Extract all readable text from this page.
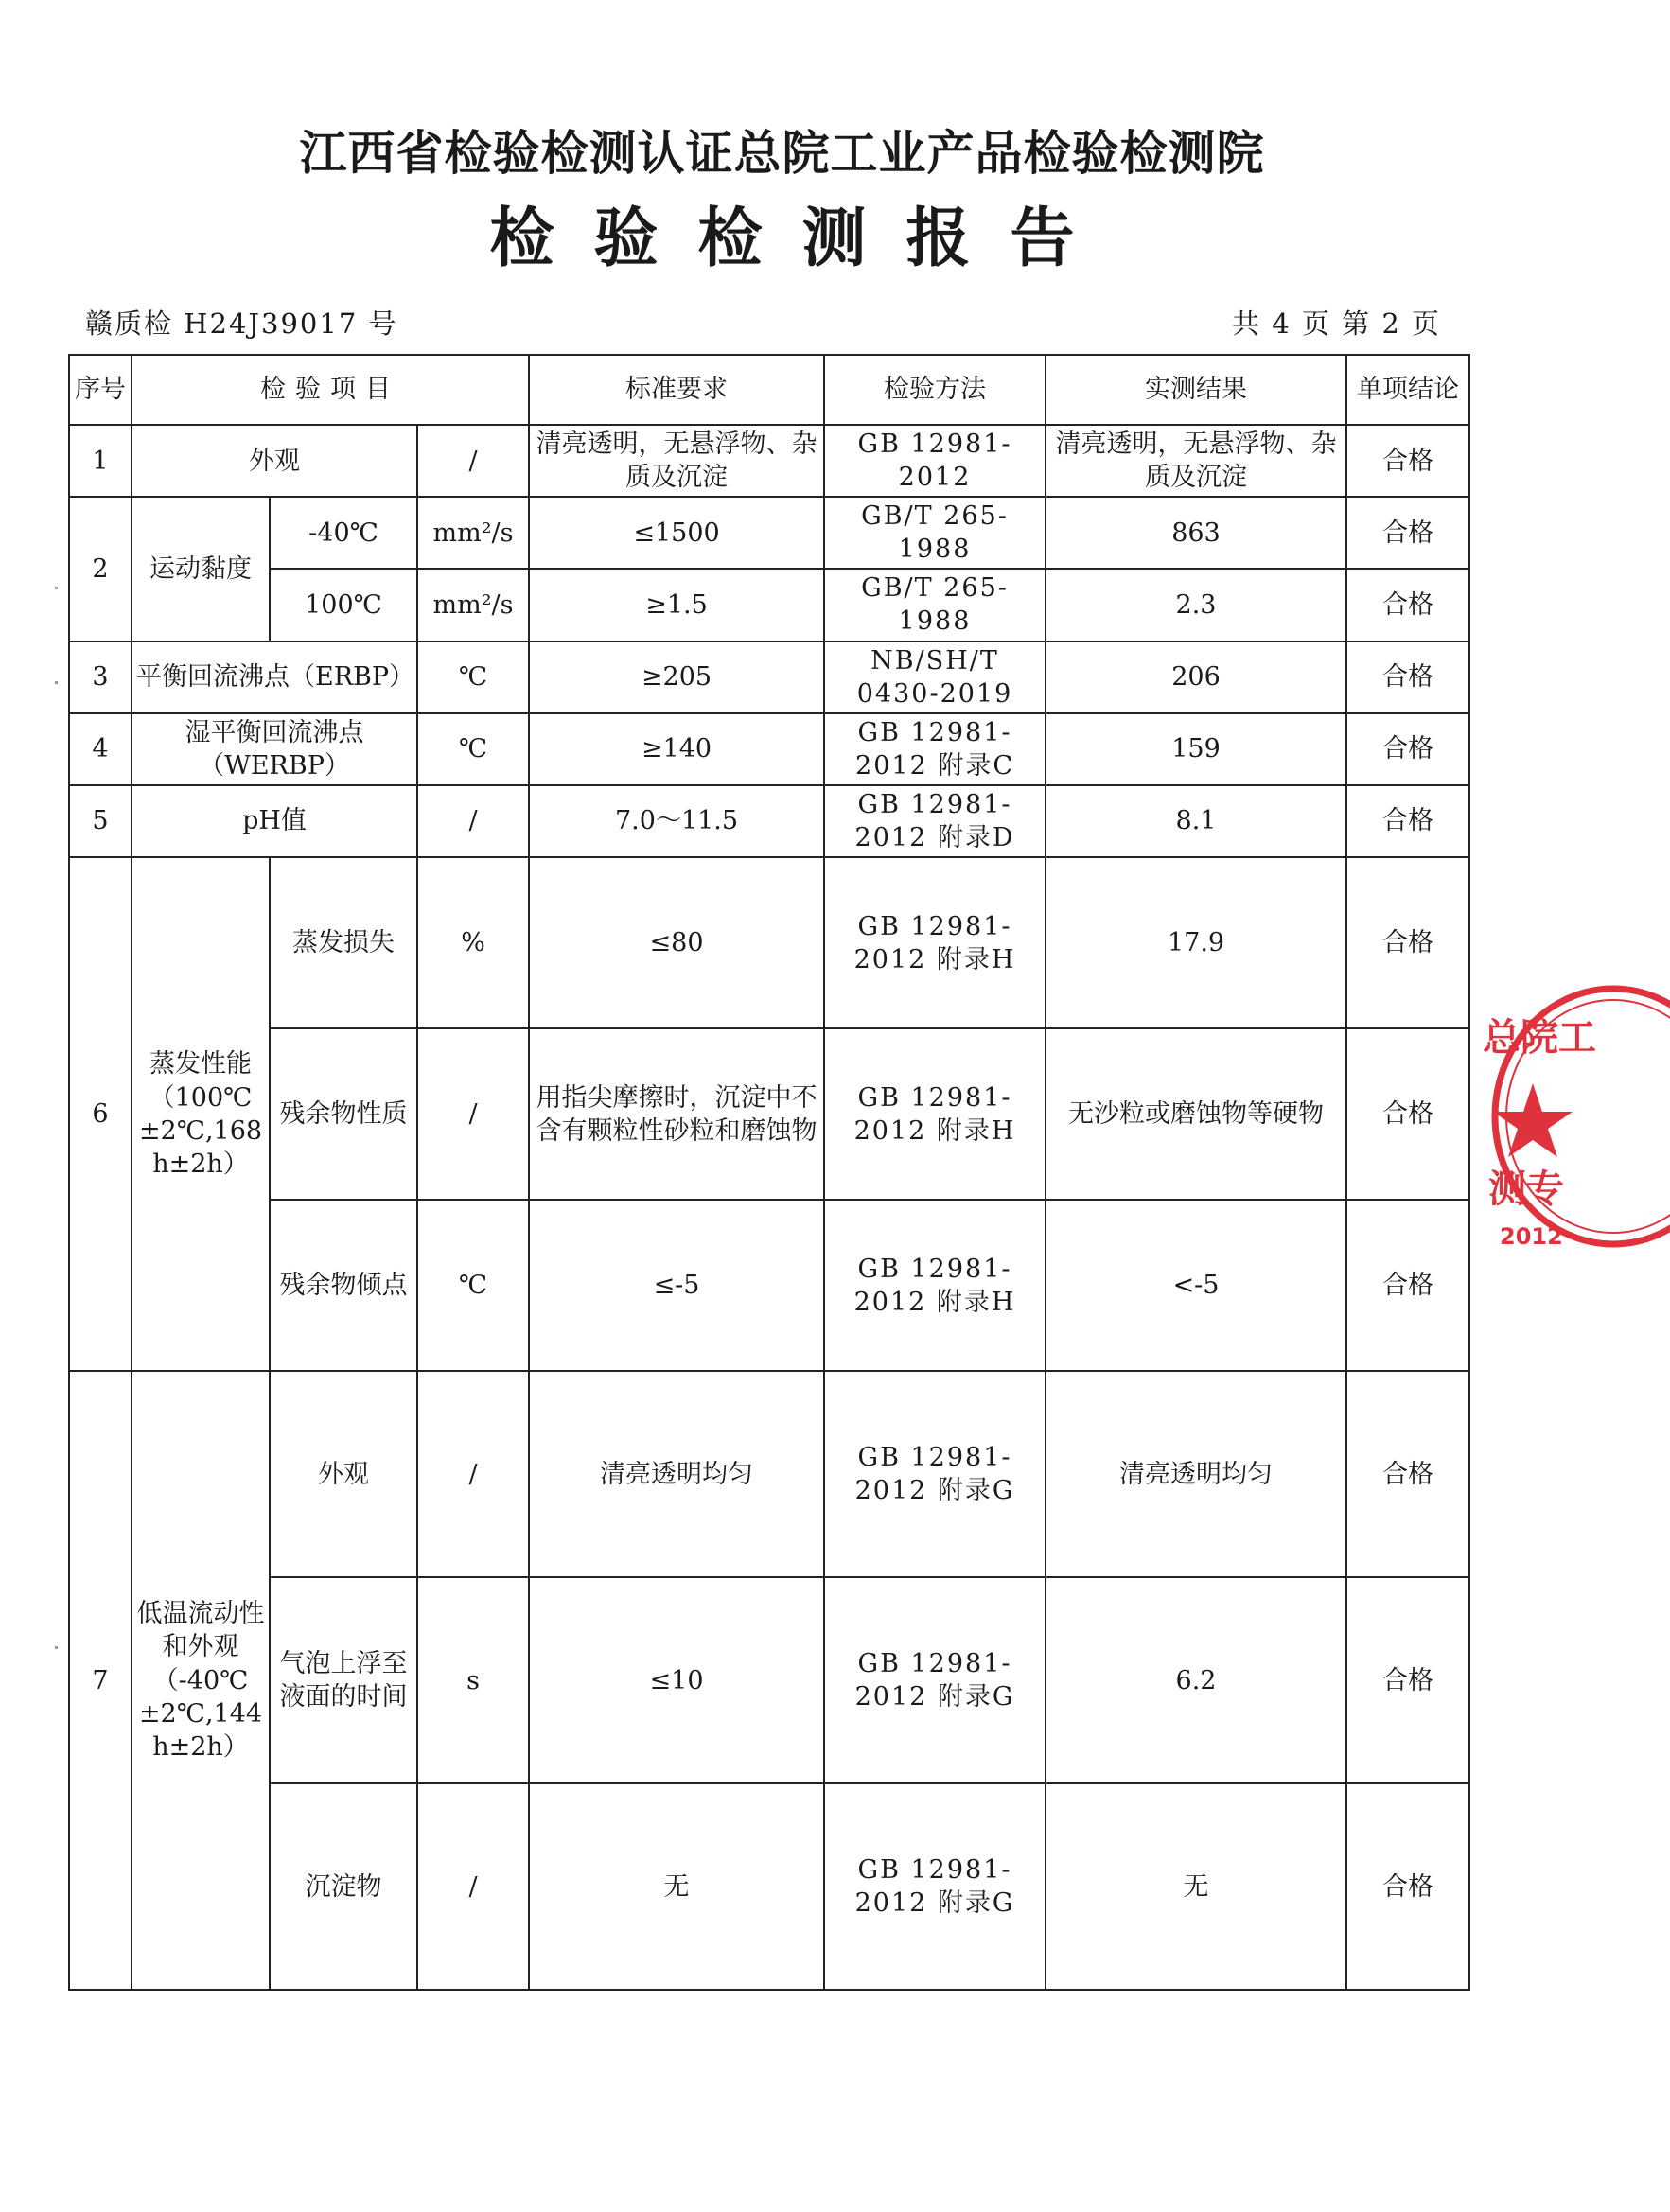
江西省检验检测认证总院工业产品检验检测院
检验检测报告
赣质检 H24J39017 号	共 4 页 第 2 页
序号	检验项目			标准要求	检验方法	实测结果	单项结论
1	外观		/	清亮透明，无悬浮物、杂质及沉淀	GB 12981-2012	清亮透明，无悬浮物、杂质及沉淀	合格
2	运动黏度	-40℃	mm²/s	≤1500	GB/T 265-1988	863	合格
		100℃	mm²/s	≥1.5	GB/T 265-1988	2.3	合格
3	平衡回流沸点（ERBP）		℃	≥205	NB/SH/T 0430-2019	206	合格
4	湿平衡回流沸点（WERBP）		℃	≥140	GB 12981-2012 附录C	159	合格
5	pH值		/	7.0～11.5	GB 12981-2012 附录D	8.1	合格
6	蒸发性能（100℃±2℃,168h±2h）	蒸发损失	%	≤80	GB 12981-2012 附录H	17.9	合格
		残余物性质	/	用指尖摩擦时，沉淀中不含有颗粒性砂粒和磨蚀物	GB 12981-2012 附录H	无沙粒或磨蚀物等硬物	合格
		残余物倾点	℃	≤-5	GB 12981-2012 附录H	<-5	合格
7	低温流动性和外观（-40℃±2℃,144h±2h）	外观	/	清亮透明均匀	GB 12981-2012 附录G	清亮透明均匀	合格
		气泡上浮至液面的时间	s	≤10	GB 12981-2012 附录G	6.2	合格
		沉淀物	/	无	GB 12981-2012 附录G	无	合格
总院工
测专
2012
